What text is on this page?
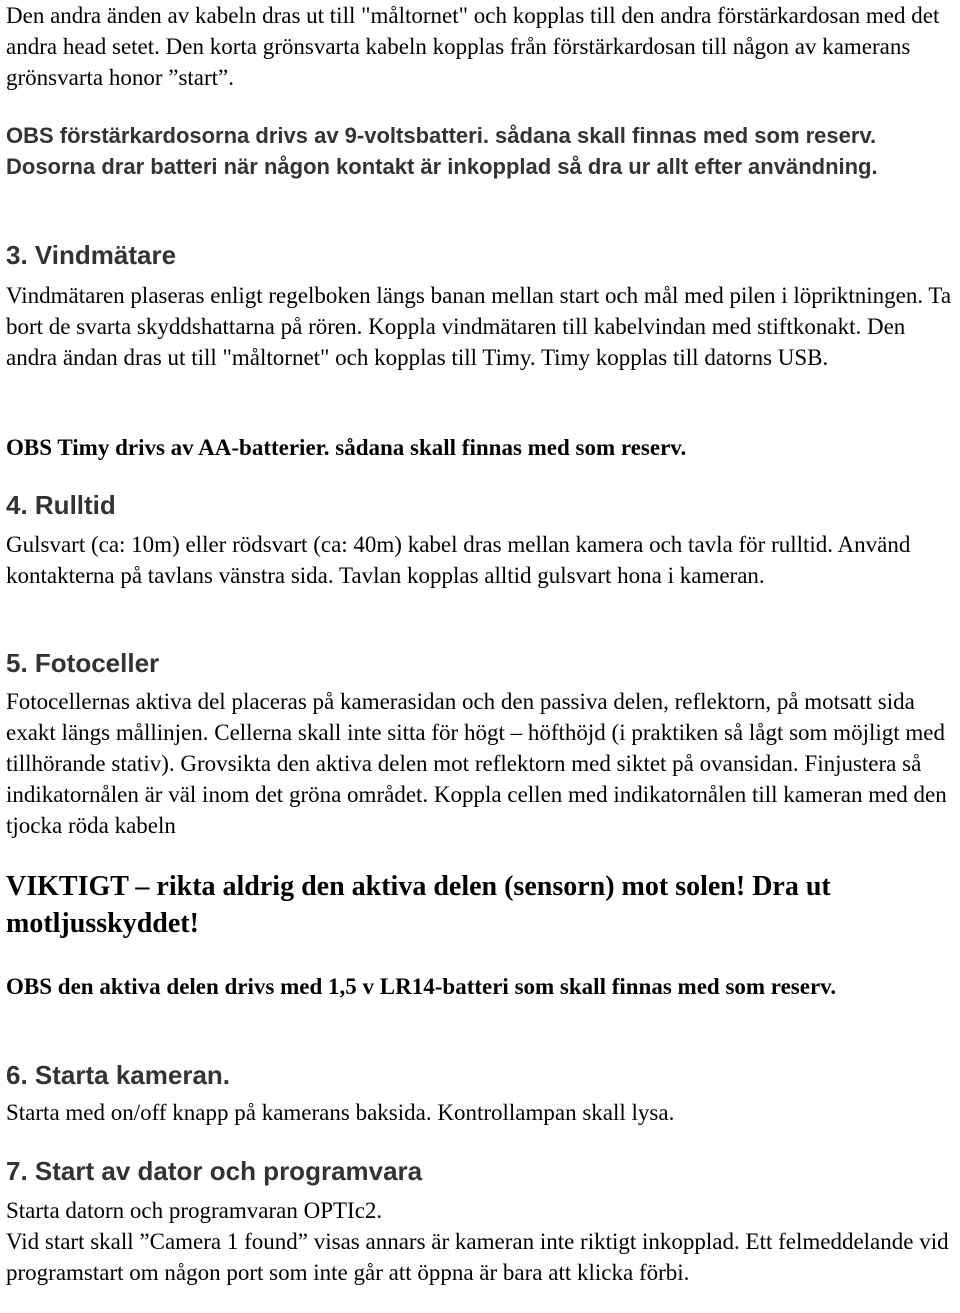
Den andra änden av kabeln dras ut till "måltornet" och kopplas till den andra förstärkardosan med det andra head setet. Den korta grönsvarta kabeln kopplas från förstärkardosan till någon av kamerans grönsvarta honor ”start”.

OBS förstärkardosorna drivs av 9-voltsbatteri. sådana skall finnas med som reserv. Dosorna drar batteri när någon kontakt är inkopplad så dra ur allt efter användning.

3. Vindmätare

Vindmätaren plaseras enligt regelboken längs banan mellan start och mål med pilen i löpriktningen. Ta bort de svarta skyddshattarna på rören. Koppla vindmätaren till kabelvindan med stiftkonakt. Den andra ändan dras ut till "måltornet" och kopplas till Timy. Timy kopplas till datorns USB.

OBS Timy drivs av AA-batterier. sådana skall finnas med som reserv.

4. Rulltid

Gulsvart (ca: 10m) eller rödsvart (ca: 40m) kabel dras mellan kamera och tavla för rulltid. Använd kontakterna på tavlans vänstra sida. Tavlan kopplas alltid gulsvart hona i kameran.

5. Fotoceller

Fotocellernas aktiva del placeras på kamerasidan och den passiva delen, reflektorn, på motsatt sida exakt längs mållinjen. Cellerna skall inte sitta för högt – höfthöjd (i praktiken så lågt som möjligt med tillhörande stativ). Grovsikta den aktiva delen mot reflektorn med siktet på ovansidan. Finjustera så indikatornålen är väl inom det gröna området. Koppla cellen med indikatornålen till kameran med den tjocka röda kabeln

VIKTIGT – rikta aldrig den aktiva delen (sensorn) mot solen! Dra ut motljusskyddet!

OBS den aktiva delen drivs med 1,5 v LR14-batteri som skall finnas med som reserv.

6. Starta kameran.

Starta med on/off knapp på kamerans baksida. Kontrollampan skall lysa.

7. Start av dator och programvara

Starta datorn och programvaran OPTIc2.

Vid start skall ”Camera 1 found” visas annars är kameran inte riktigt inkopplad. Ett felmeddelande vid programstart om någon port som inte går att öppna är bara att klicka förbi.
